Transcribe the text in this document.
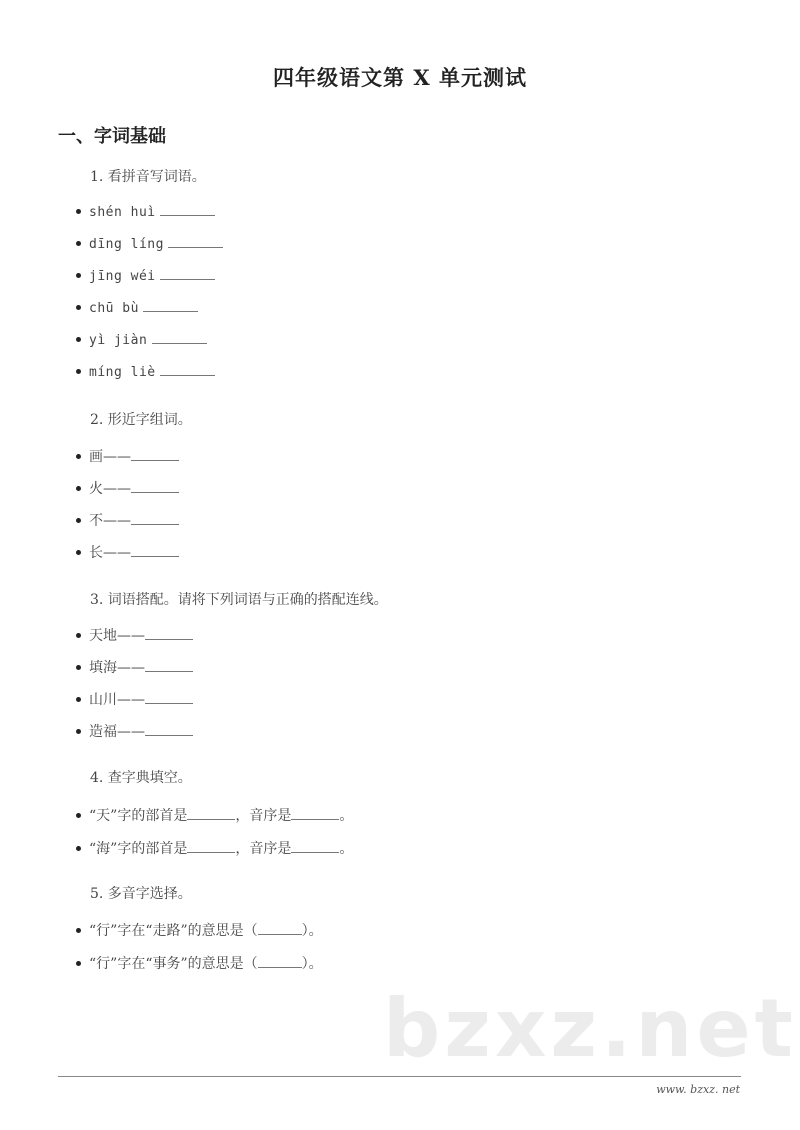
四年级语文第 X 单元测试
一、字词基础
1. 看拼音写词语。
shén huì
dīng líng
jīng wéi
chū bù
yì jiàn
míng liè
2. 形近字组词。
画——
火——
不——
长——
3. 词语搭配。请将下列词语与正确的搭配连线。
天地——
填海——
山川——
造福——
4. 查字典填空。
“天”字的部首是	，音序是	。
“海”字的部首是	，音序是	。
5. 多音字选择。
“行”字在“走路”的意思是（	）。
“行”字在“事务”的意思是（	）。
bzxz.net
www. bzxz. net
